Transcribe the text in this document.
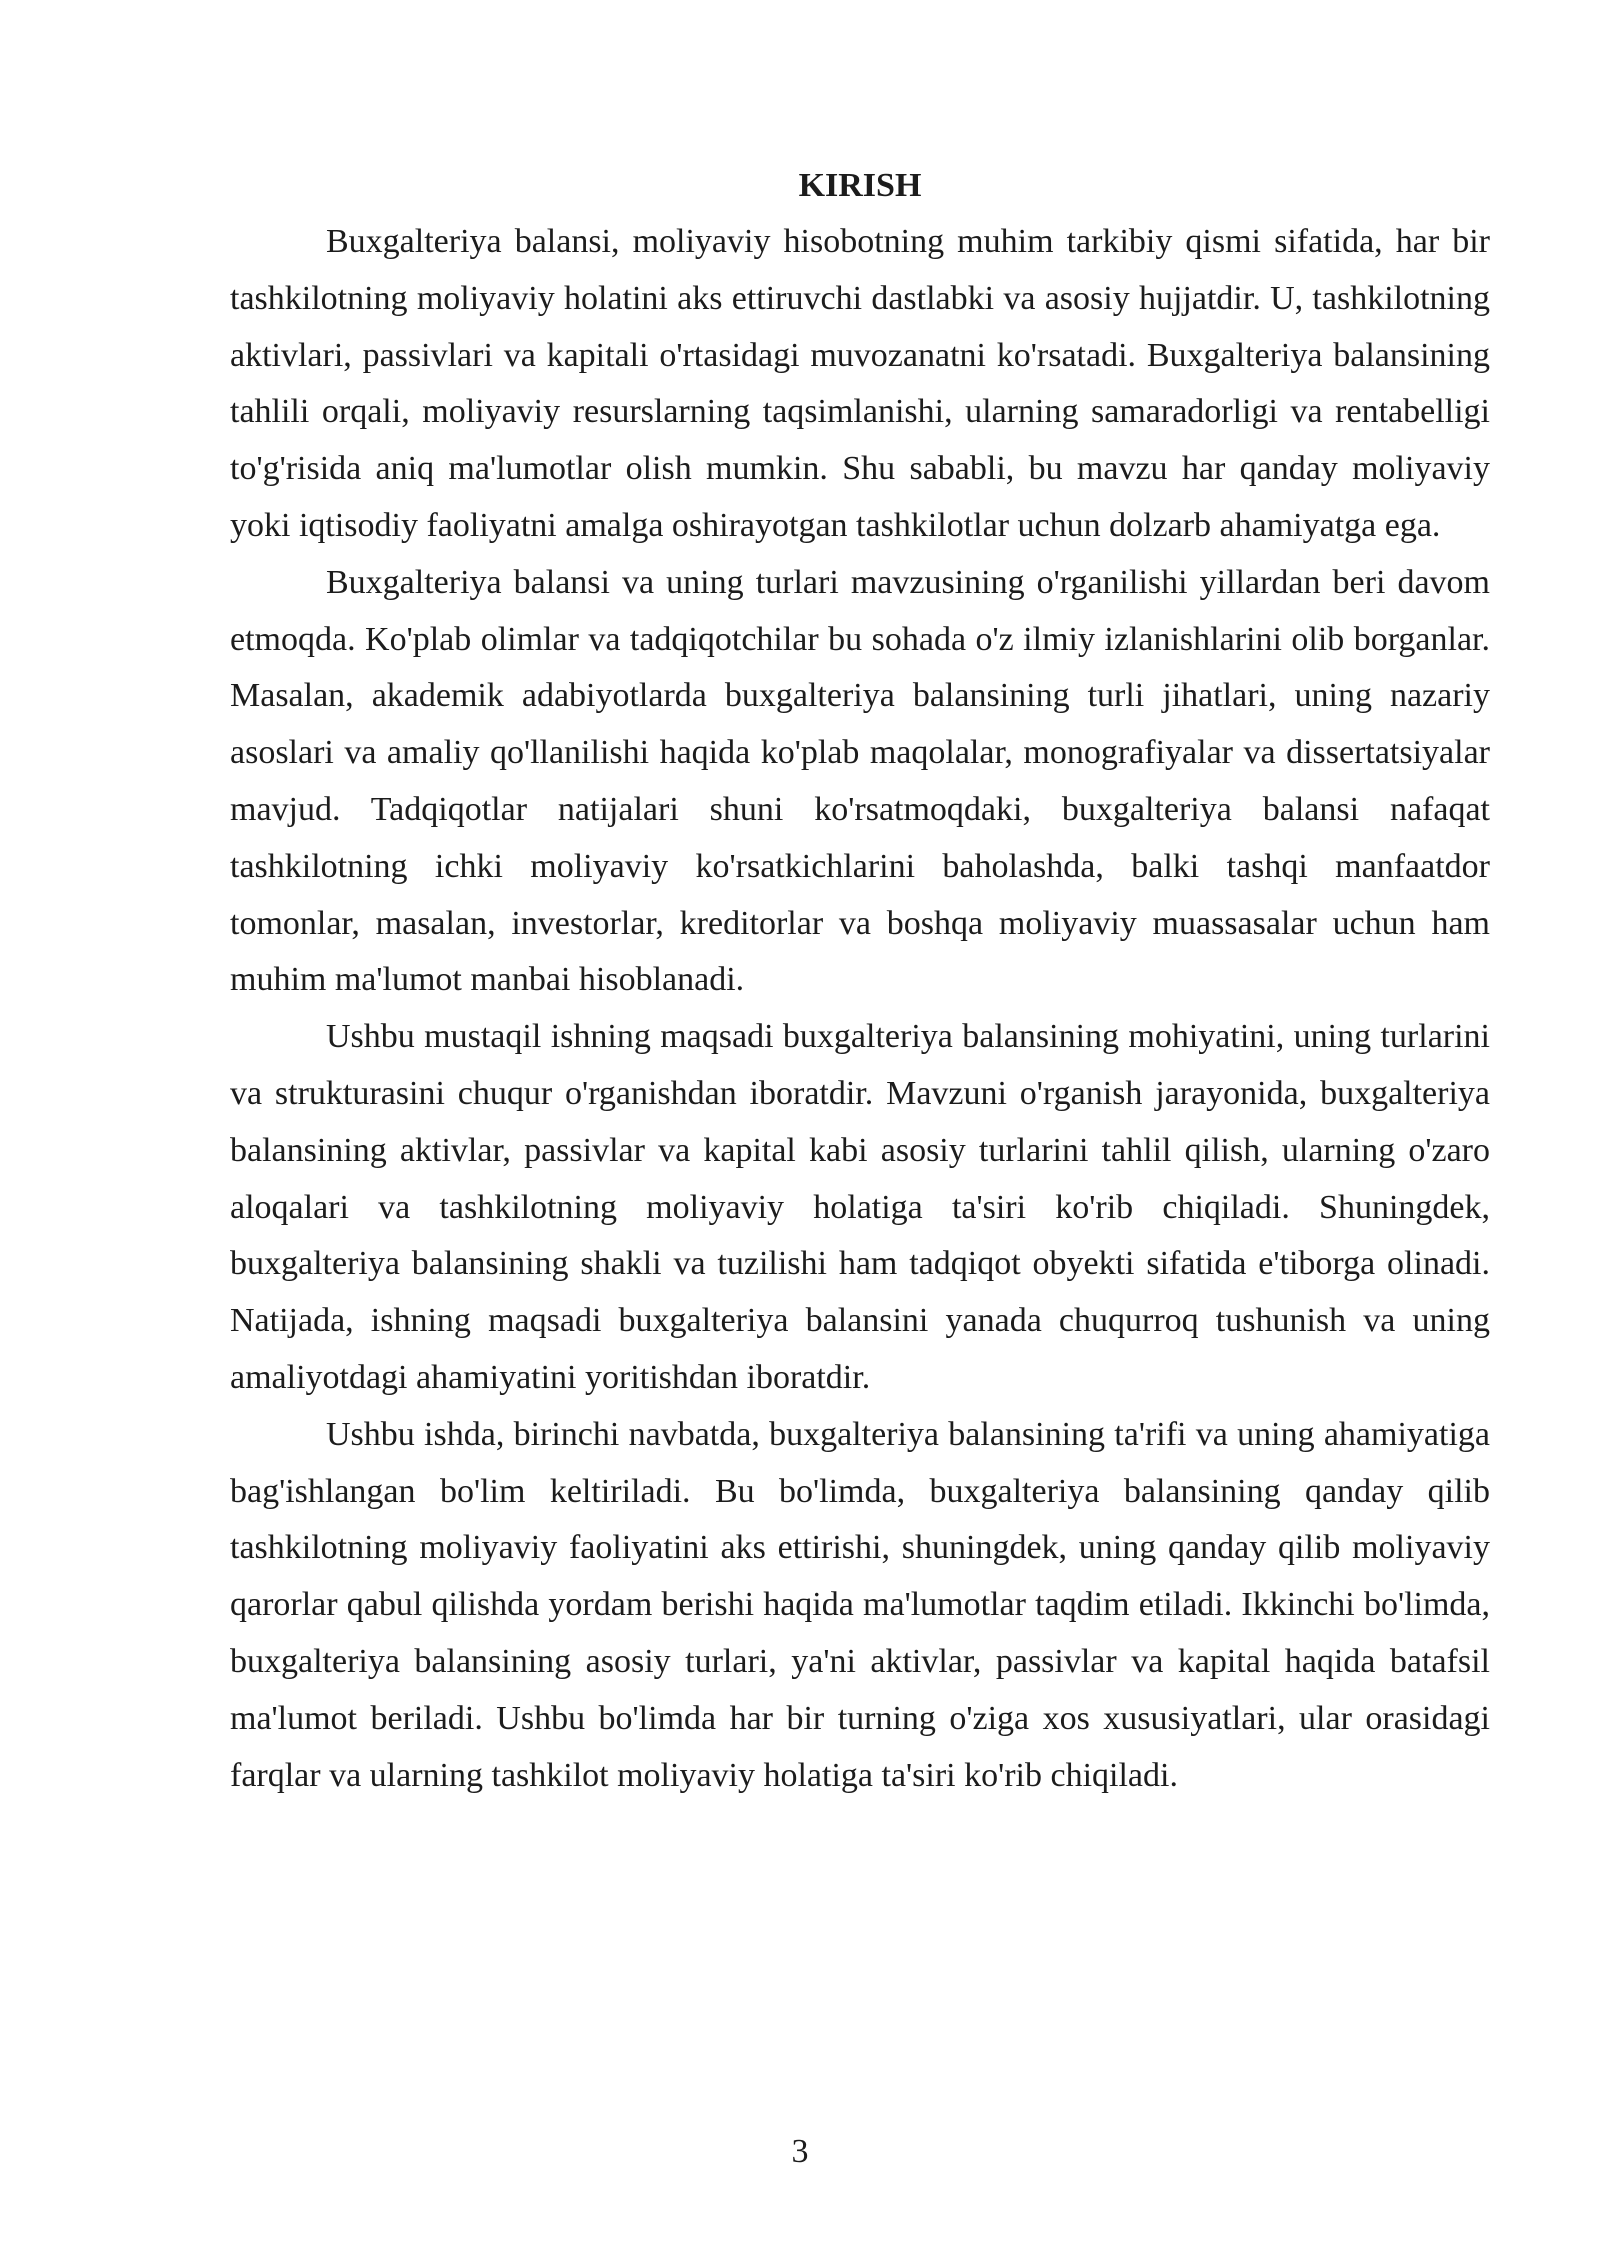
KIRISH

Buxgalteriya balansi, moliyaviy hisobotning muhim tarkibiy qismi sifatida, har bir tashkilotning moliyaviy holatini aks ettiruvchi dastlabki va asosiy hujjatdir. U, tashkilotning aktivlari, passivlari va kapitali o'rtasidagi muvozanatni ko'rsatadi. Buxgalteriya balansining tahlili orqali, moliyaviy resurslarning taqsimlanishi, ularning samaradorligi va rentabelligi to'g'risida aniq ma'lumotlar olish mumkin. Shu sababli, bu mavzu har qanday moliyaviy yoki iqtisodiy faoliyatni amalga oshirayotgan tashkilotlar uchun dolzarb ahamiyatga ega.

Buxgalteriya balansi va uning turlari mavzusining o'rganilishi yillardan beri davom etmoqda. Ko'plab olimlar va tadqiqotchilar bu sohada o'z ilmiy izlanishlarini olib borganlar. Masalan, akademik adabiyotlarda buxgalteriya balansining turli jihatlari, uning nazariy asoslari va amaliy qo'llanilishi haqida ko'plab maqolalar, monografiyalar va dissertatsiyalar mavjud. Tadqiqotlar natijalari shuni ko'rsatmoqdaki, buxgalteriya balansi nafaqat tashkilotning ichki moliyaviy ko'rsatkichlarini baholashda, balki tashqi manfaatdor tomonlar, masalan, investorlar, kreditorlar va boshqa moliyaviy muassasalar uchun ham muhim ma'lumot manbai hisoblanadi.

Ushbu mustaqil ishning maqsadi buxgalteriya balansining mohiyatini, uning turlarini va strukturasini chuqur o'rganishdan iboratdir. Mavzuni o'rganish jarayonida, buxgalteriya balansining aktivlar, passivlar va kapital kabi asosiy turlarini tahlil qilish, ularning o'zaro aloqalari va tashkilotning moliyaviy holatiga ta'siri ko'rib chiqiladi. Shuningdek, buxgalteriya balansining shakli va tuzilishi ham tadqiqot obyekti sifatida e'tiborga olinadi. Natijada, ishning maqsadi buxgalteriya balansini yanada chuqurroq tushunish va uning amaliyotdagi ahamiyatini yoritishdan iboratdir.

Ushbu ishda, birinchi navbatda, buxgalteriya balansining ta'rifi va uning ahamiyatiga bag'ishlangan bo'lim keltiriladi. Bu bo'limda, buxgalteriya balansining qanday qilib tashkilotning moliyaviy faoliyatini aks ettirishi, shuningdek, uning qanday qilib moliyaviy qarorlar qabul qilishda yordam berishi haqida ma'lumotlar taqdim etiladi. Ikkinchi bo'limda, buxgalteriya balansining asosiy turlari, ya'ni aktivlar, passivlar va kapital haqida batafsil ma'lumot beriladi. Ushbu bo'limda har bir turning o'ziga xos xususiyatlari, ular orasidagi farqlar va ularning tashkilot moliyaviy holatiga ta'siri ko'rib chiqiladi.

3
